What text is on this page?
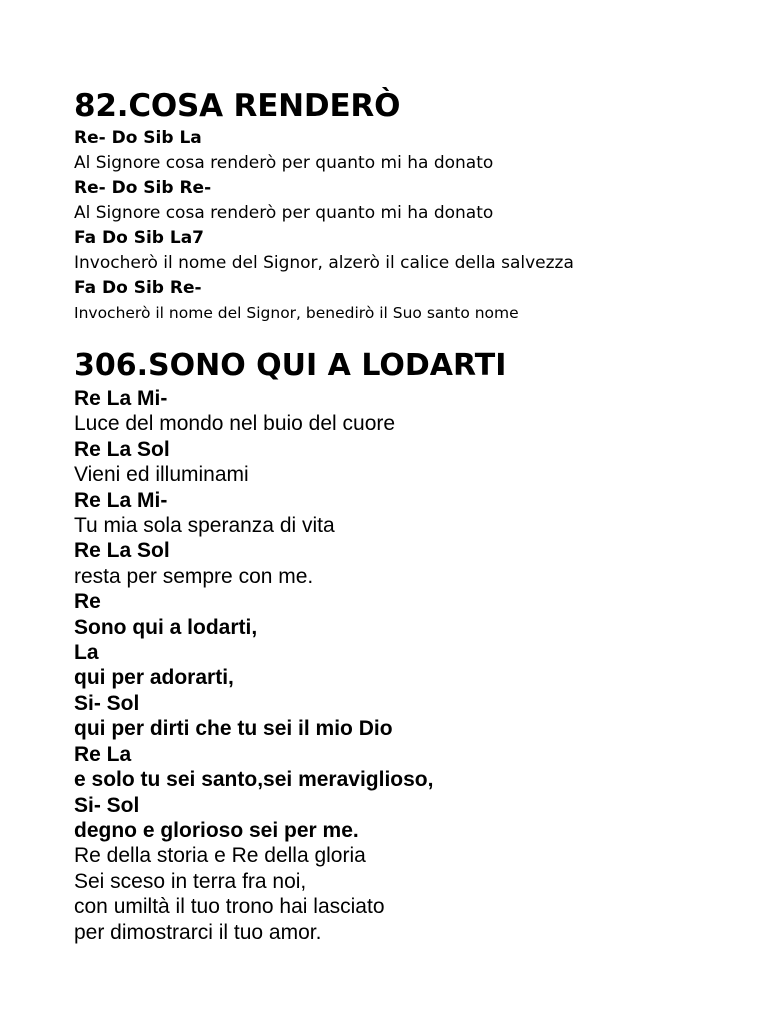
82.COSA RENDERÒ
Re- Do Sib La
Al Signore cosa renderò per quanto mi ha donato
Re- Do Sib Re-
Al Signore cosa renderò per quanto mi ha donato
Fa Do Sib La7
Invocherò il nome del Signor, alzerò il calice della salvezza
Fa Do Sib Re-
Invocherò il nome del Signor, benedirò il Suo santo nome
306.SONO QUI A LODARTI
Re La Mi-
Luce del mondo nel buio del cuore
Re La Sol
Vieni ed illuminami
Re La Mi-
Tu mia sola speranza di vita
Re La Sol
resta per sempre con me.
Re
Sono qui a lodarti,
La
qui per adorarti,
Si- Sol
qui per dirti che tu sei il mio Dio
Re La
e solo tu sei santo,sei meraviglioso,
Si- Sol
degno e glorioso sei per me.
Re della storia e Re della gloria
Sei sceso in terra fra noi,
con umiltà il tuo trono hai lasciato
per dimostrarci il tuo amor.
